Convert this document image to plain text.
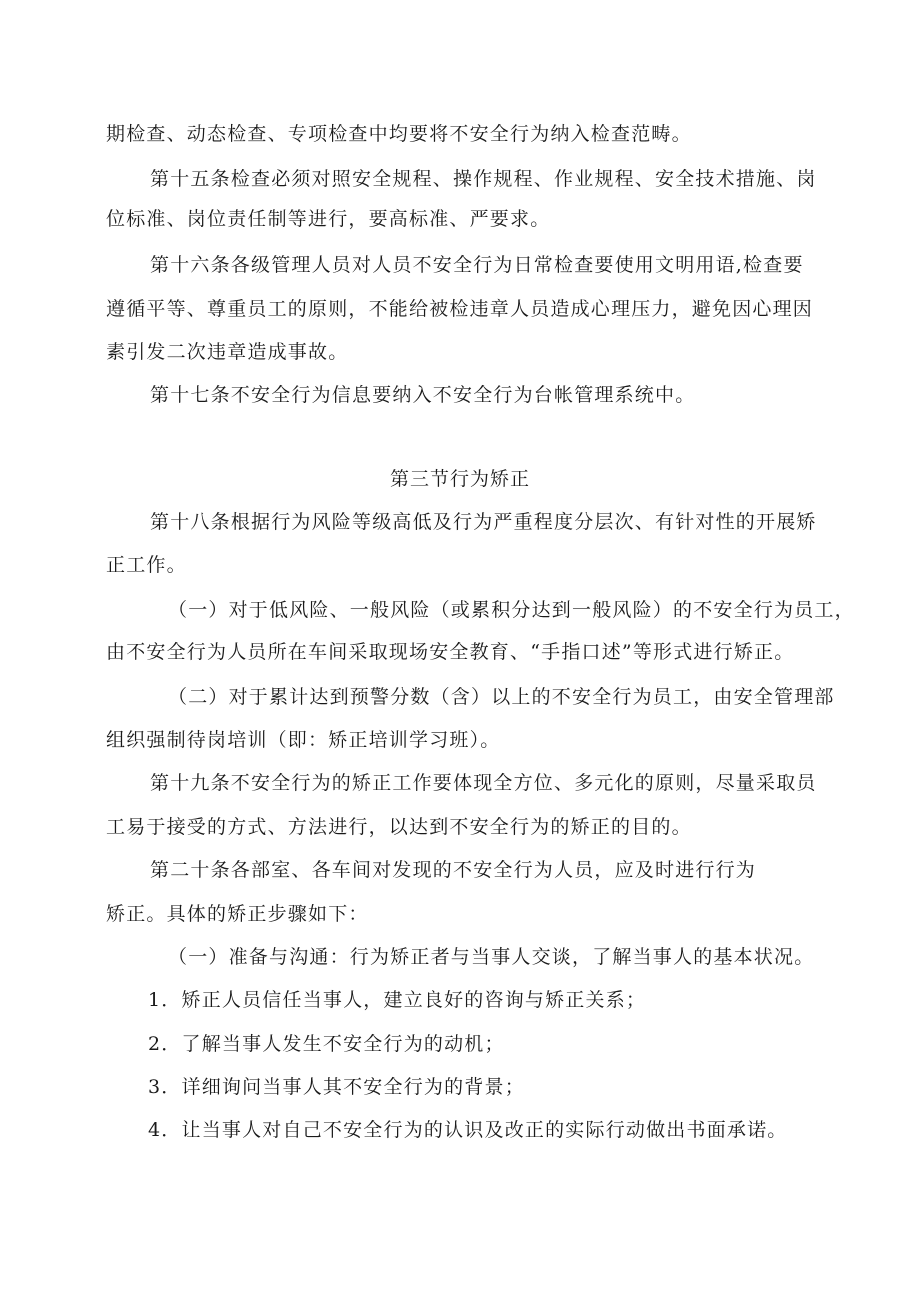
期检查、动态检查、专项检查中均要将不安全行为纳入检查范畴。
第十五条检查必须对照安全规程、操作规程、作业规程、安全技术措施、岗
位标准、岗位责任制等进行，要高标准、严要求。
第十六条各级管理人员对人员不安全行为日常检查要使用文明用语,检查要
遵循平等、尊重员工的原则，不能给被检违章人员造成心理压力，避免因心理因
素引发二次违章造成事故。
第十七条不安全行为信息要纳入不安全行为台帐管理系统中。
第三节行为矫正
第十八条根据行为风险等级高低及行为严重程度分层次、有针对性的开展矫
正工作。
（一）对于低风险、一般风险（或累积分达到一般风险）的不安全行为员工，
由不安全行为人员所在车间采取现场安全教育、“手指口述”等形式进行矫正。
（二）对于累计达到预警分数（含）以上的不安全行为员工，由安全管理部
组织强制待岗培训（即：矫正培训学习班）。
第十九条不安全行为的矫正工作要体现全方位、多元化的原则，尽量采取员
工易于接受的方式、方法进行，以达到不安全行为的矫正的目的。
第二十条各部室、各车间对发现的不安全行为人员，应及时进行行为
矫正。具体的矫正步骤如下：
（一）准备与沟通：行为矫正者与当事人交谈，了解当事人的基本状况。
1．矫正人员信任当事人，建立良好的咨询与矫正关系；
2．了解当事人发生不安全行为的动机；
3．详细询问当事人其不安全行为的背景；
4．让当事人对自己不安全行为的认识及改正的实际行动做出书面承诺。
